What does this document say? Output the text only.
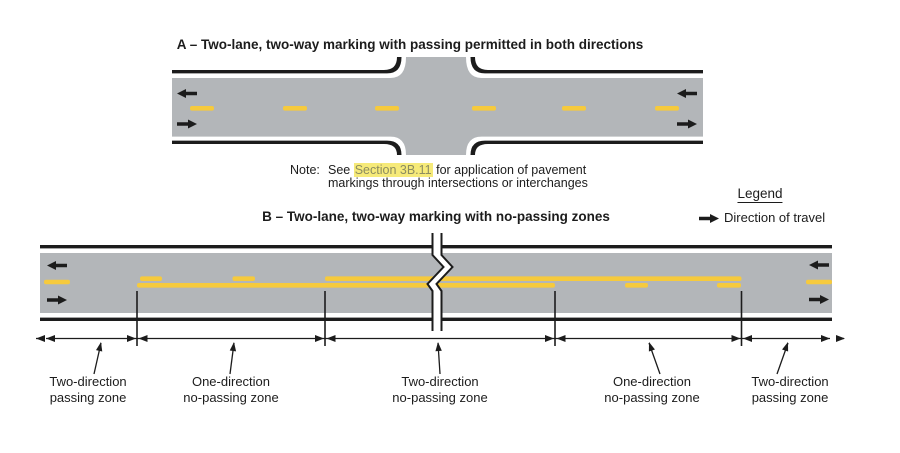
A – Two-lane, two-way marking with passing permitted in both directions
Note: See Section 3B.11 for application of pavement
markings through intersections or interchanges
B – Two-lane, two-way marking with no-passing zones
Legend
Direction of travel
Two-direction
passing zone
One-direction
no-passing zone
Two-direction
no-passing zone
One-direction
no-passing zone
Two-direction
passing zone
